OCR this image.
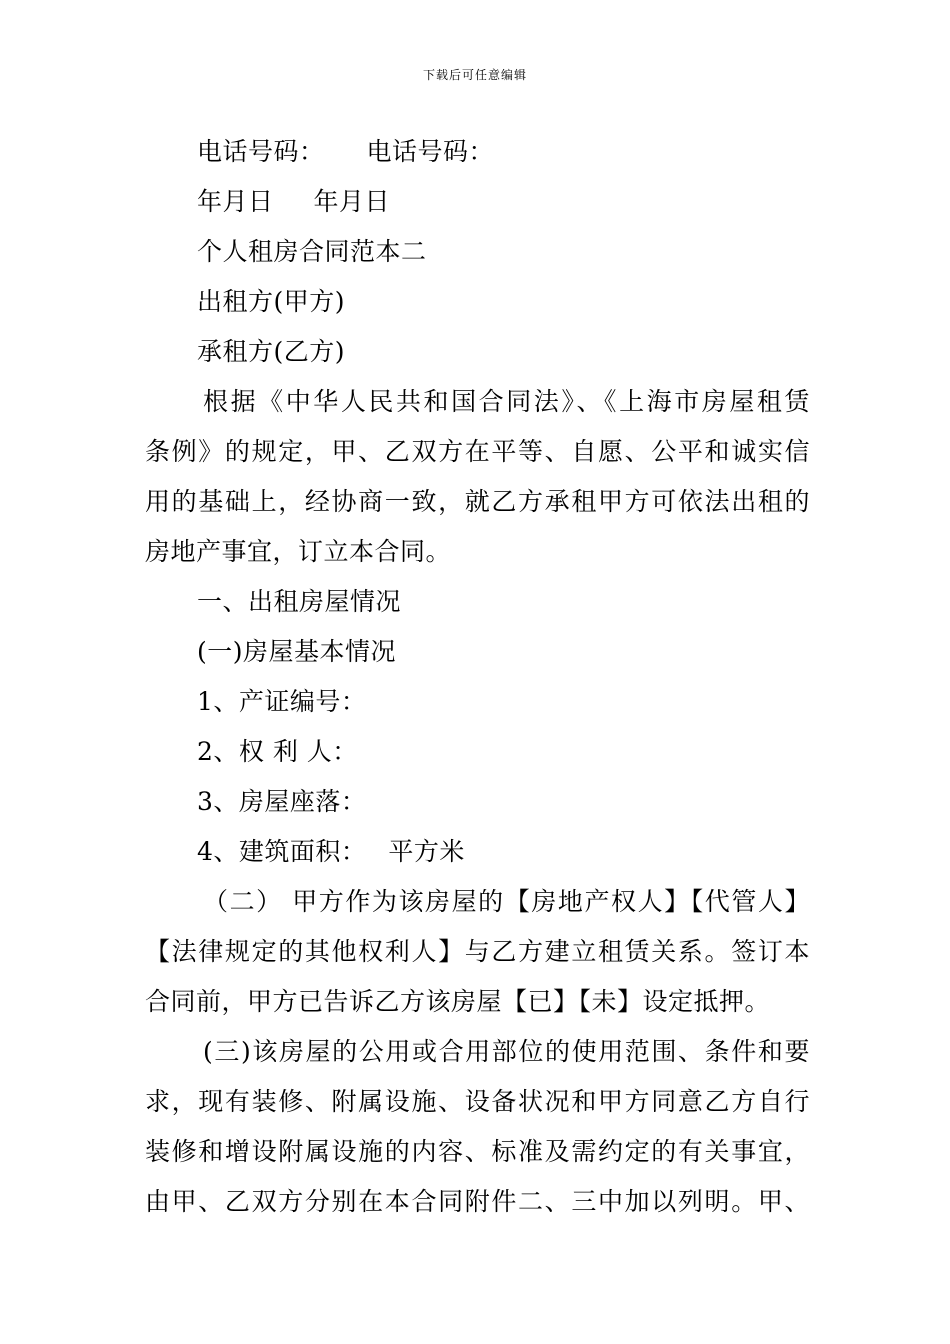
下载后可任意编辑
电话号码： 电话号码：
年月日 年月日
个人租房合同范本二
出租方(甲方)
承租方(乙方)
根据《中华人民共和国合同法》、《上海市房屋租赁
条例》的规定，甲、乙双方在平等、自愿、公平和诚实信
用的基础上，经协商一致，就乙方承租甲方可依法出租的
房地产事宜，订立本合同。
一、出租房屋情况
(一)房屋基本情况
1、产证编号：
2、权 利 人：
3、房屋座落：
4、建筑面积： 平方米
（二） 甲方作为该房屋的【房地产权人】【代管人】
【法律规定的其他权利人】与乙方建立租赁关系。签订本
合同前，甲方已告诉乙方该房屋【已】【未】设定抵押。
(三)该房屋的公用或合用部位的使用范围、条件和要
求，现有装修、附属设施、设备状况和甲方同意乙方自行
装修和增设附属设施的内容、标准及需约定的有关事宜，
由甲、乙双方分别在本合同附件二、三中加以列明。甲、
